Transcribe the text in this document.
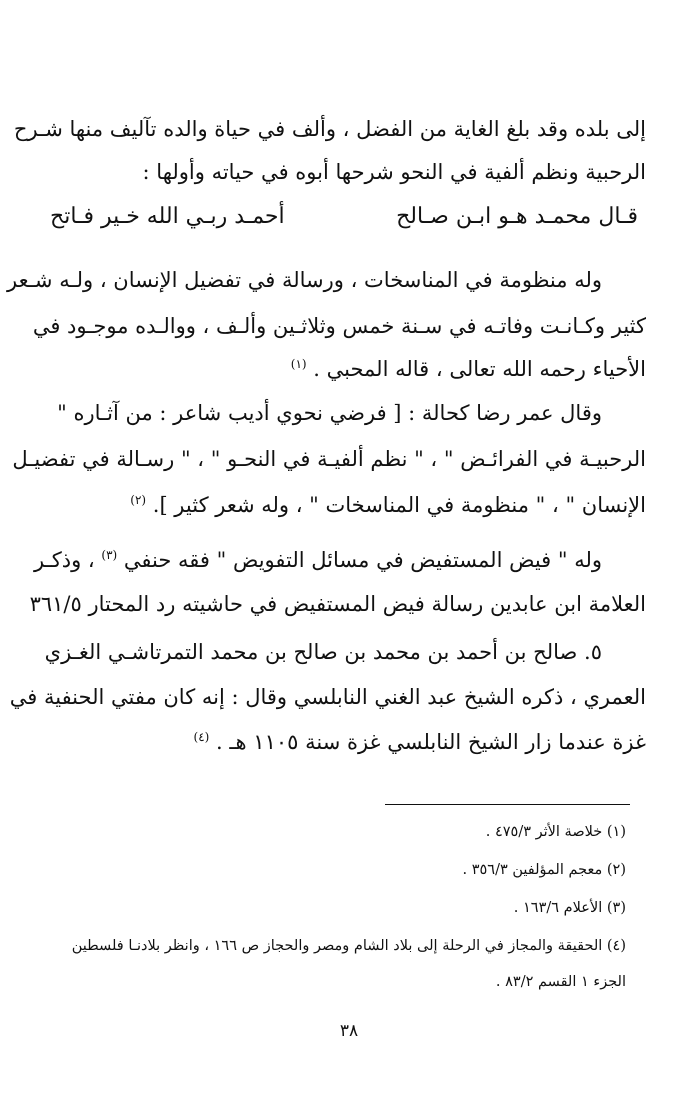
إلى بلده وقد بلغ الغاية من الفضل ، وألف في حياة والده تآليف منها شـرح
الرحبية ونظم ألفية في النحو شرحها أبوه في حياته وأولها :
قـال محمـد هـو ابـن صـالح
أحمـد ربـي الله خـير فـاتح
وله منظومة في المناسخات ، ورسالة في تفضيل الإنسان ، ولـه شـعر
كثير وكـانـت وفاتـه في سـنة خمس وثلاثـين وألـف ، ووالـده موجـود في
الأحياء رحمه الله تعالى ، قاله المحبي . $^{(١)}$
وقال عمر رضا كحالة : [ فرضي نحوي أديب شاعر : من آثـاره "
الرحبيـة في الفرائـض " ، " نظم ألفيـة في النحـو " ، " رسـالة في تفضيـل
الإنسان " ، " منظومة في المناسخات " ، وله شعر كثير ]. $^{(٢)}$
وله " فيض المستفيض في مسائل التفويض " فقه حنفي $^{(٣)}$ ، وذكـر
العلامة ابن عابدين رسالة فيض المستفيض في حاشيته رد المحتار ٣٦١/٥
٥. صالح بن أحمد بن محمد بن صالح بن محمد التمرتاشـي الغـزي
العمري ، ذكره الشيخ عبد الغني النابلسي وقال : إنه كان مفتي الحنفية في
غزة عندما زار الشيخ النابلسي غزة سنة ١١٠٥ هـ . $^{(٤)}$
(١) خلاصة الأثر ٤٧٥/٣ .
(٢) معجم المؤلفين ٣٥٦/٣ .
(٣) الأعلام ١٦٣/٦ .
(٤) الحقيقة والمجاز في الرحلة إلى بلاد الشام ومصر والحجاز ص ١٦٦ ، وانظر بلادنـا فلسطين
الجزء ١ القسم ٨٣/٢ .
٣٨
